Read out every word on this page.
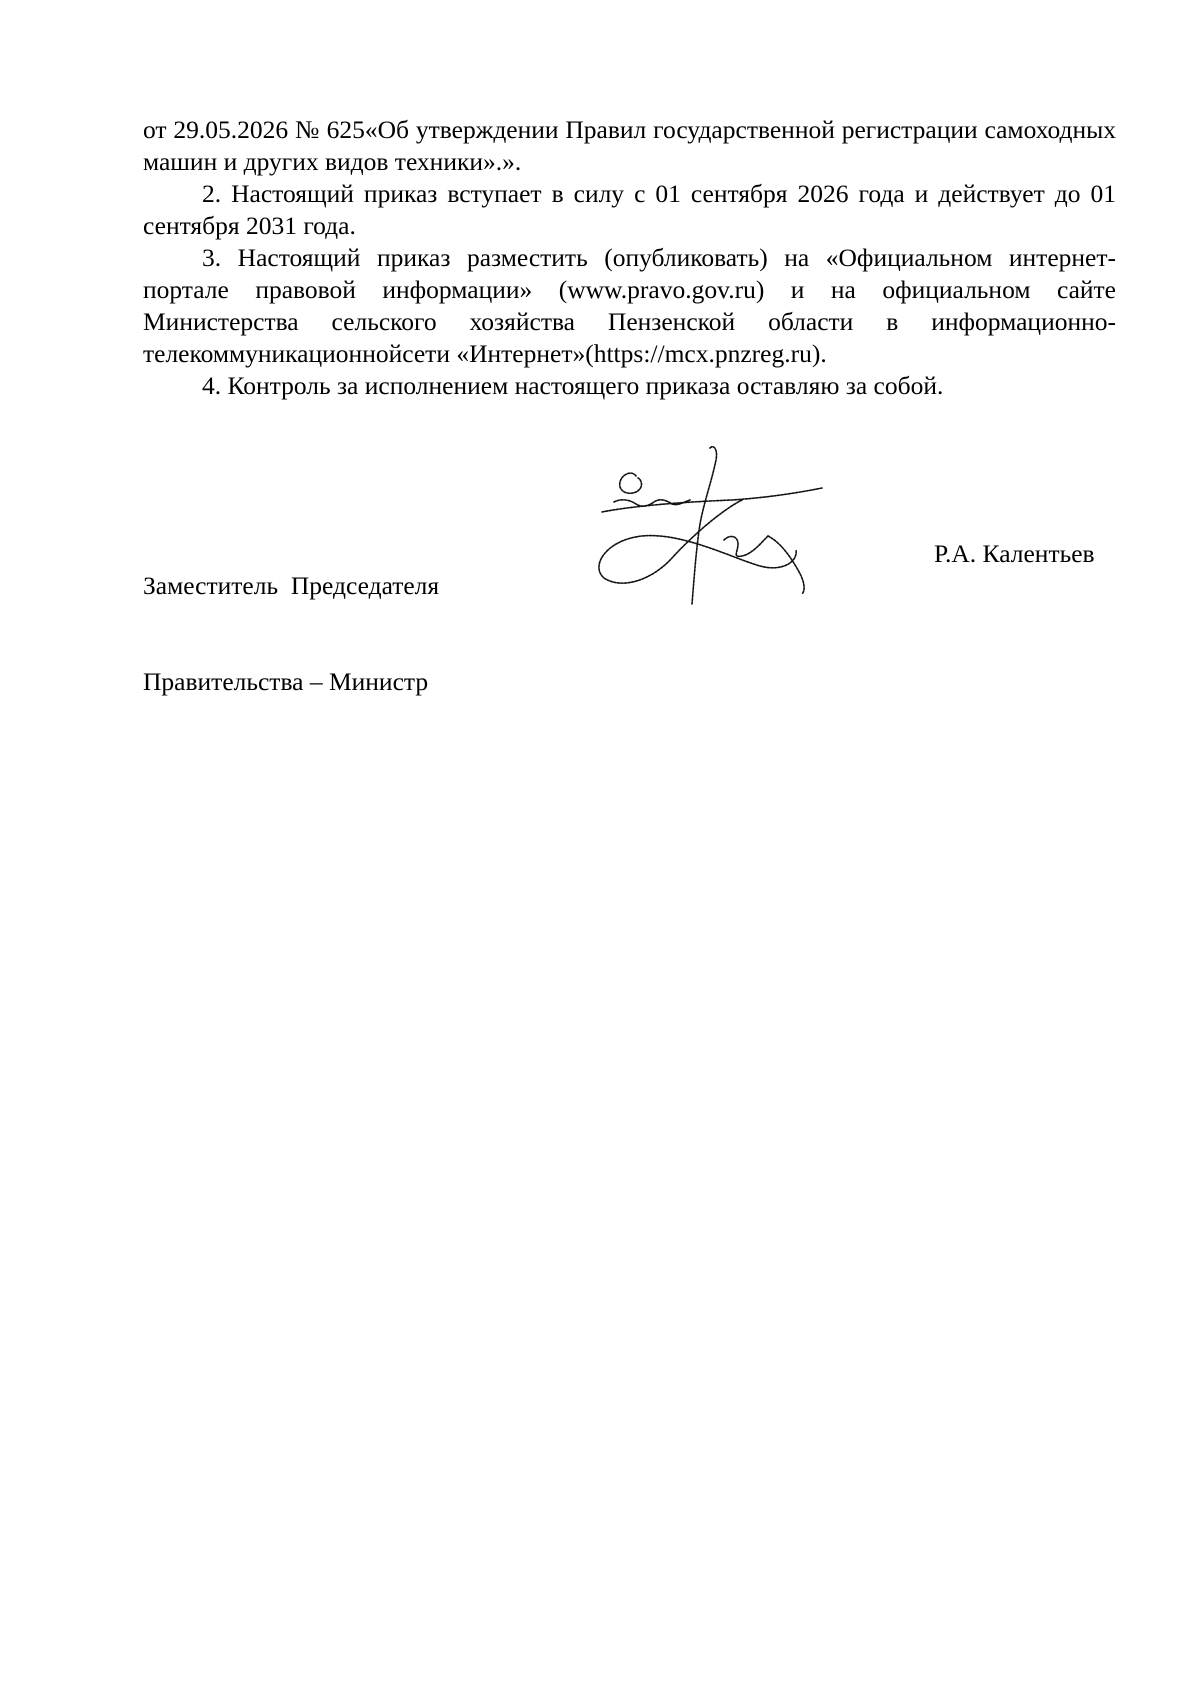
от 29.05.2026 № 625«Об утверждении Правил государственной регистрации самоходных машин и других видов техники».».

2. Настоящий приказ вступает в силу с 01 сентября 2026 года и действует до 01 сентября 2031 года.

3. Настоящий приказ разместить (опубликовать) на «Официальном интернет-портале правовой информации» (www.pravo.gov.ru) и на официальном сайте Министерства сельского хозяйства Пензенской области в информационно-телекоммуникационнойсети «Интернет»(https://mcx.pnzreg.ru).

4. Контроль за исполнением настоящего приказа оставляю за собой.

Заместитель  Председателя

Правительства – Министр

Р.А. Калентьев
